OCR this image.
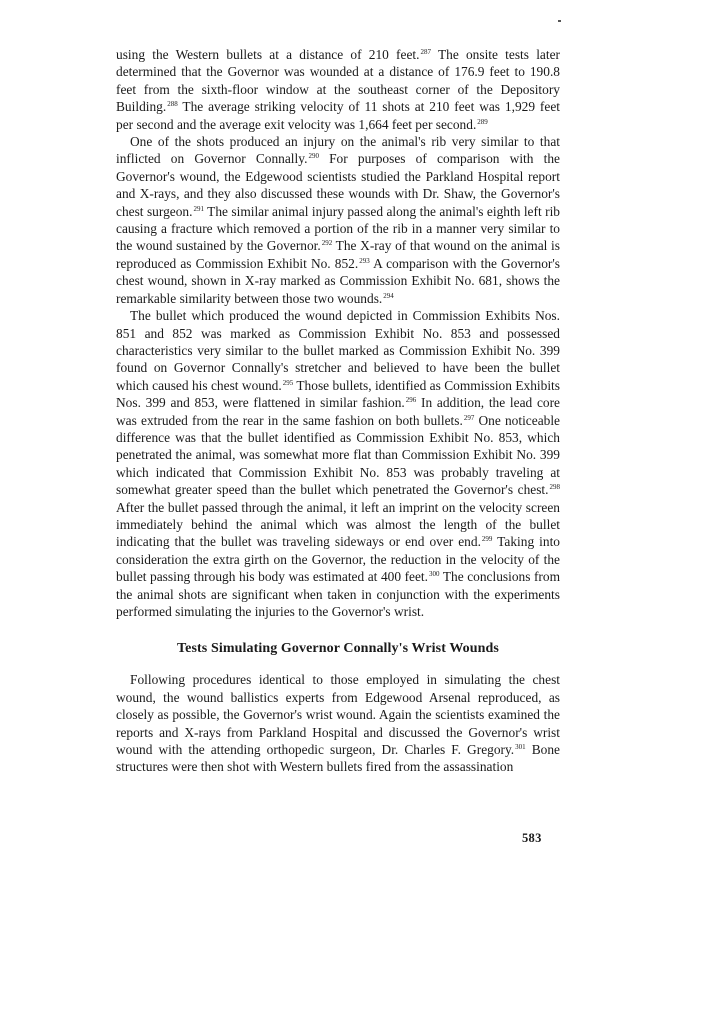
using the Western bullets at a distance of 210 feet.$^{287}$ The onsite tests later determined that the Governor was wounded at a distance of 176.9 feet to 190.8 feet from the sixth-floor window at the southeast corner of the Depository Building.$^{288}$ The average striking velocity of 11 shots at 210 feet was 1,929 feet per second and the average exit velocity was 1,664 feet per second.$^{289}$

One of the shots produced an injury on the animal's rib very similar to that inflicted on Governor Connally.$^{290}$ For purposes of comparison with the Governor's wound, the Edgewood scientists studied the Parkland Hospital report and X-rays, and they also discussed these wounds with Dr. Shaw, the Governor's chest surgeon.$^{291}$ The similar animal injury passed along the animal's eighth left rib causing a fracture which removed a portion of the rib in a manner very similar to the wound sustained by the Governor.$^{292}$ The X-ray of that wound on the animal is reproduced as Commission Exhibit No. 852.$^{293}$ A comparison with the Governor's chest wound, shown in X-ray marked as Commission Exhibit No. 681, shows the remarkable similarity between those two wounds.$^{294}$

The bullet which produced the wound depicted in Commission Exhibits Nos. 851 and 852 was marked as Commission Exhibit No. 853 and possessed characteristics very similar to the bullet marked as Commission Exhibit No. 399 found on Governor Connally's stretcher and believed to have been the bullet which caused his chest wound.$^{295}$ Those bullets, identified as Commission Exhibits Nos. 399 and 853, were flattened in similar fashion.$^{296}$ In addition, the lead core was extruded from the rear in the same fashion on both bullets.$^{297}$ One noticeable difference was that the bullet identified as Commission Exhibit No. 853, which penetrated the animal, was somewhat more flat than Commission Exhibit No. 399 which indicated that Commission Exhibit No. 853 was probably traveling at somewhat greater speed than the bullet which penetrated the Governor's chest.$^{298}$ After the bullet passed through the animal, it left an imprint on the velocity screen immediately behind the animal which was almost the length of the bullet indicating that the bullet was traveling sideways or end over end.$^{299}$ Taking into consideration the extra girth on the Governor, the reduction in the velocity of the bullet passing through his body was estimated at 400 feet.$^{300}$ The conclusions from the animal shots are significant when taken in conjunction with the experiments performed simulating the injuries to the Governor's wrist.

Tests Simulating Governor Connally's Wrist Wounds

Following procedures identical to those employed in simulating the chest wound, the wound ballistics experts from Edgewood Arsenal reproduced, as closely as possible, the Governor's wrist wound. Again the scientists examined the reports and X-rays from Parkland Hospital and discussed the Governor's wrist wound with the attending orthopedic surgeon, Dr. Charles F. Gregory.$^{301}$ Bone structures were then shot with Western bullets fired from the assassination

583
